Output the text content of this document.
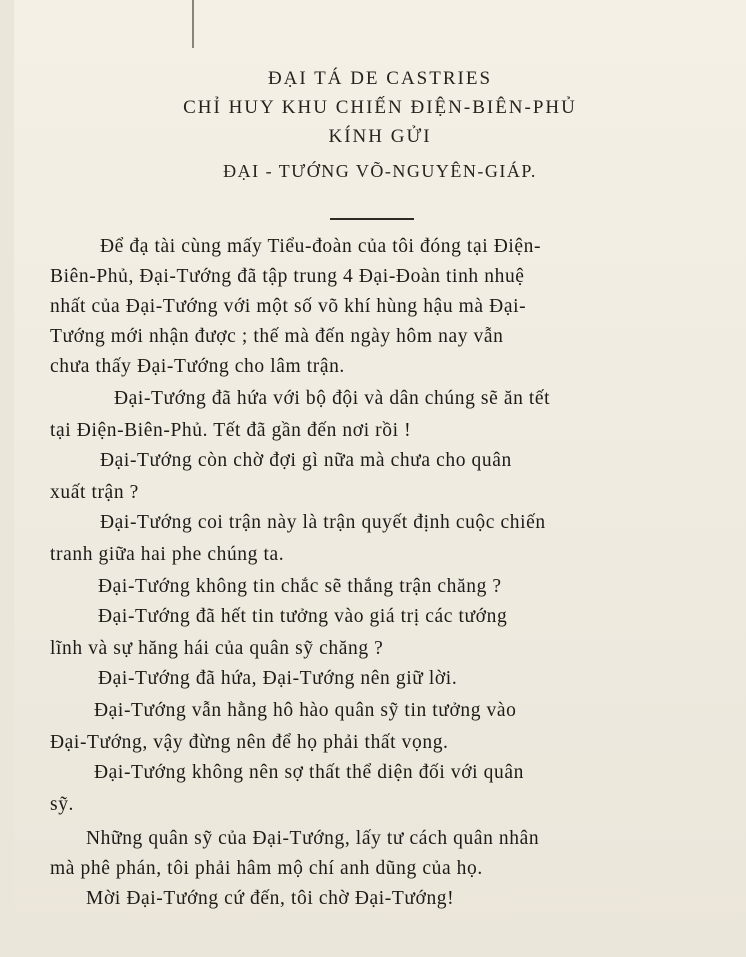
ĐẠI TÁ DE CASTRIES
CHỈ HUY KHU CHIẾN ĐIỆN-BIÊN-PHỦ
KÍNH GỬI
ĐẠI - TƯỚNG VÕ-NGUYÊN-GIÁP.
Để đạ tài cùng mấy Tiểu-đoàn của tôi đóng tại Điện-
Biên-Phủ, Đại-Tướng đã tập trung 4 Đại-Đoàn tinh nhuệ
nhất của Đại-Tướng với một số võ khí hùng hậu mà Đại-
Tướng mới nhận được ; thế mà đến ngày hôm nay vẫn
chưa thấy Đại-Tướng cho lâm trận.
Đại-Tướng đã hứa với bộ đội và dân chúng sẽ ăn tết
tại Điện-Biên-Phủ. Tết đã gần đến nơi rồi !
Đại-Tướng còn chờ đợi gì nữa mà chưa cho quân
xuất trận ?
Đại-Tướng coi trận này là trận quyết định cuộc chiến
tranh giữa hai phe chúng ta.
Đại-Tướng không tin chắc sẽ thắng trận chăng ?
Đại-Tướng đã hết tin tưởng vào giá trị các tướng
lĩnh và sự hăng hái của quân sỹ chăng ?
Đại-Tướng đã hứa, Đại-Tướng nên giữ lời.
Đại-Tướng vẫn hằng hô hào quân sỹ tin tưởng vào
Đại-Tướng, vậy đừng nên để họ phải thất vọng.
Đại-Tướng không nên sợ thất thể diện đối với quân
sỹ.
Những quân sỹ của Đại-Tướng, lấy tư cách quân nhân
mà phê phán, tôi phải hâm mộ chí anh dũng của họ.
Mời Đại-Tướng cứ đến, tôi chờ Đại-Tướng!
